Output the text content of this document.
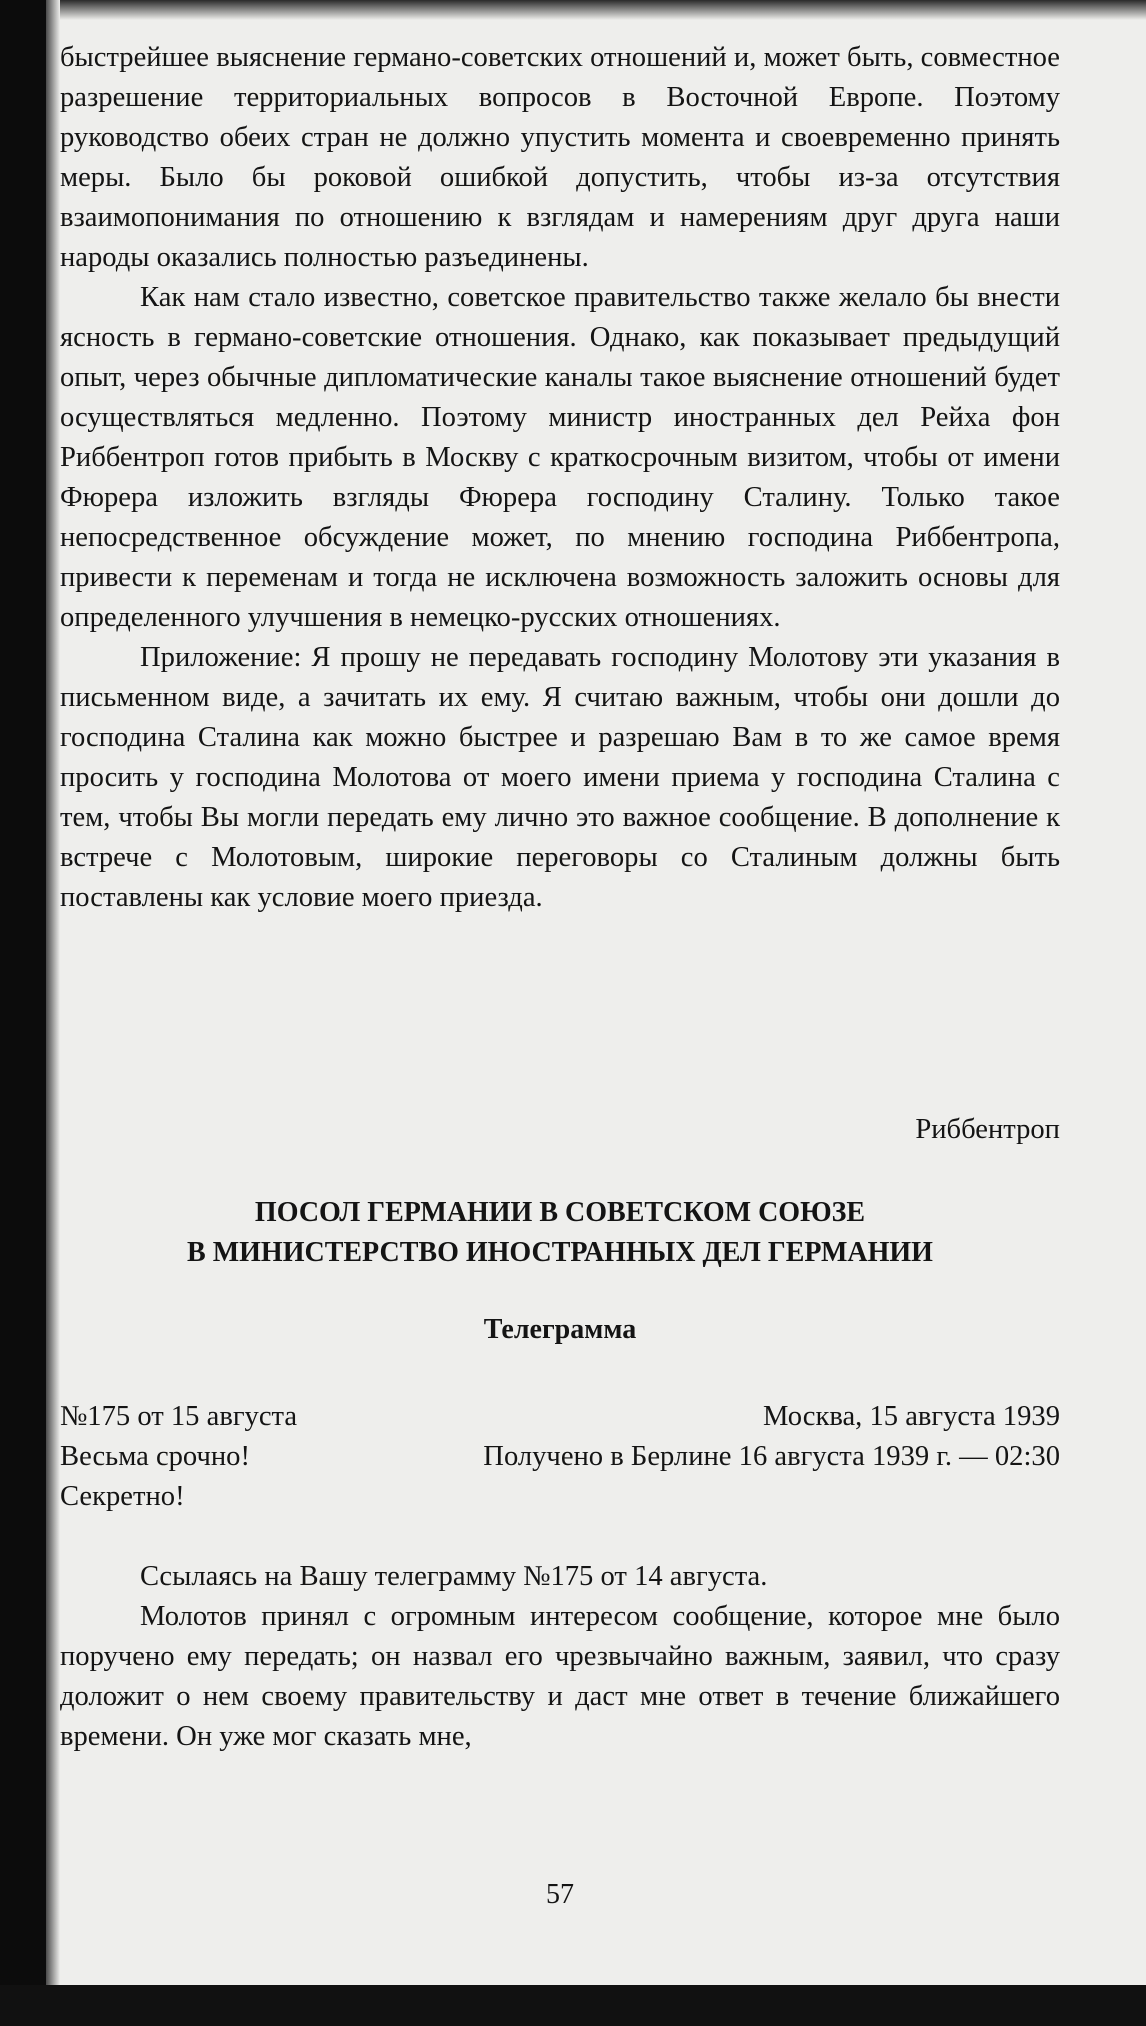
быстрейшее выяснение германо-советских отношений и, может быть, совместное разрешение территориальных вопросов в Восточной Европе. Поэтому руководство обеих стран не должно упустить момента и своевременно принять меры. Было бы роковой ошибкой допустить, чтобы из-за отсутствия взаимопонимания по отношению к взглядам и намерениям друг друга наши народы оказались полностью разъединены.

Как нам стало известно, советское правительство также желало бы внести ясность в германо-советские отношения. Однако, как показывает предыдущий опыт, через обычные дипломатические каналы такое выяснение отношений будет осуществляться медленно. Поэтому министр иностранных дел Рейха фон Риббентроп готов прибыть в Москву с краткосрочным визитом, чтобы от имени Фюрера изложить взгляды Фюрера господину Сталину. Только такое непосредственное обсуждение может, по мнению господина Риббентропа, привести к переменам и тогда не исключена возможность заложить основы для определенного улучшения в немецко-русских отношениях.

Приложение: Я прошу не передавать господину Молотову эти указания в письменном виде, а зачитать их ему. Я считаю важным, чтобы они дошли до господина Сталина как можно быстрее и разрешаю Вам в то же самое время просить у господина Молотова от моего имени приема у господина Сталина с тем, чтобы Вы могли передать ему лично это важное сообщение. В дополнение к встрече с Молотовым, широкие переговоры со Сталиным должны быть поставлены как условие моего приезда.

Риббентроп
ПОСОЛ ГЕРМАНИИ В СОВЕТСКОМ СОЮЗЕ
В МИНИСТЕРСТВО ИНОСТРАННЫХ ДЕЛ ГЕРМАНИИ
Телеграмма
№175 от 15 августа	Москва, 15 августа 1939
Весьма срочно!	Получено в Берлине 16 августа 1939 г. — 02:30
Секретно!

Ссылаясь на Вашу телеграмму №175 от 14 августа.

Молотов принял с огромным интересом сообщение, которое мне было поручено ему передать; он назвал его чрезвычайно важным, заявил, что сразу доложит о нем своему правительству и даст мне ответ в течение ближайшего времени. Он уже мог сказать мне,

57
